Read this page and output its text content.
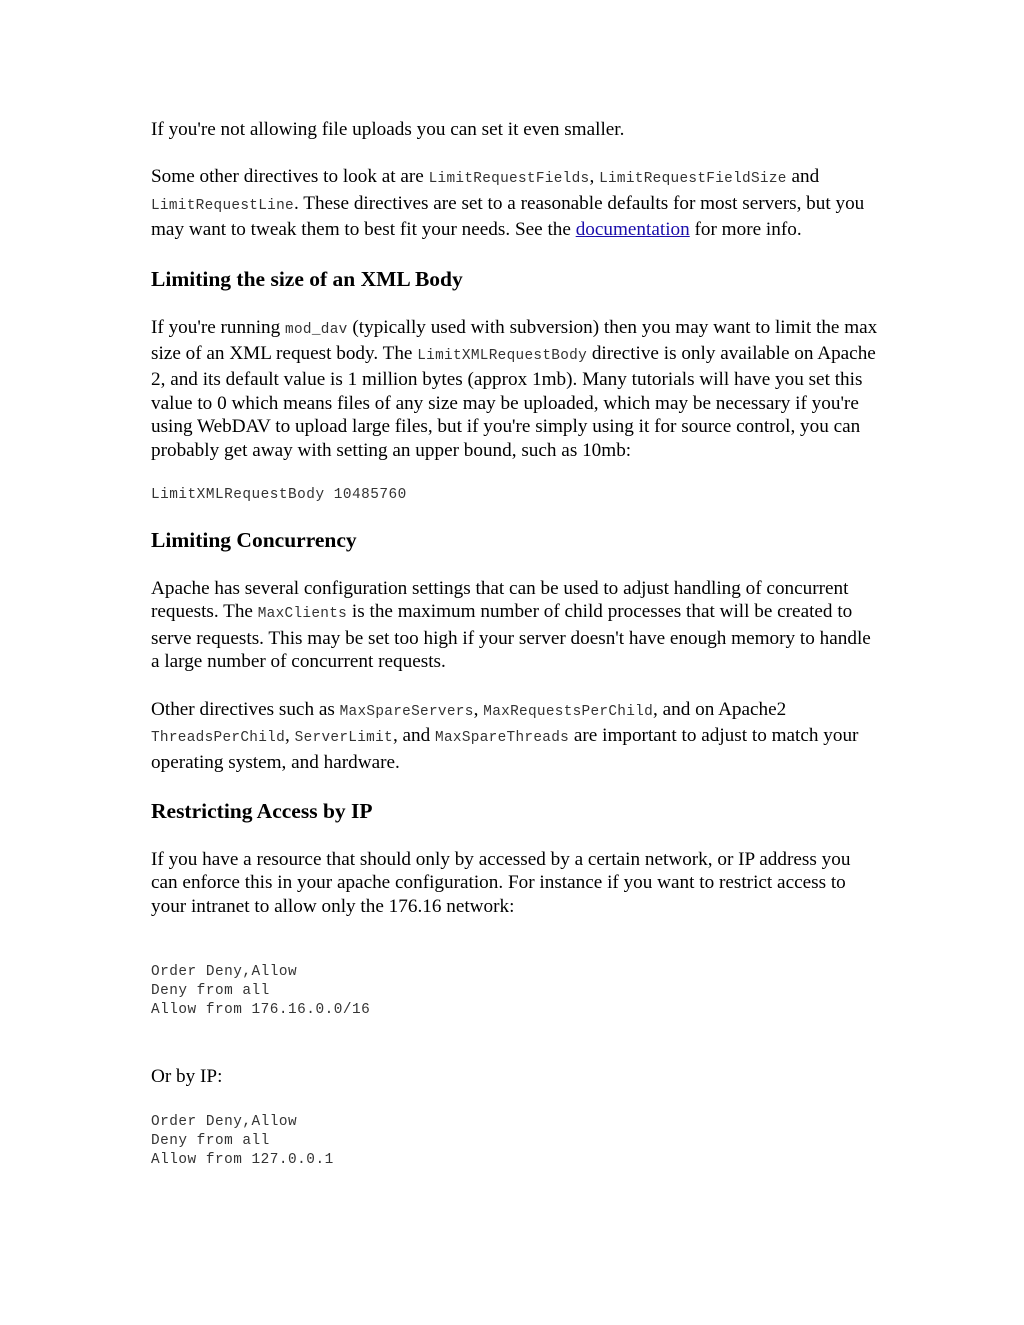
If you're not allowing file uploads you can set it even smaller.

Some other directives to look at are LimitRequestFields, LimitRequestFieldSize and LimitRequestLine. These directives are set to a reasonable defaults for most servers, but you may want to tweak them to best fit your needs. See the documentation for more info.

Limiting the size of an XML Body

If you're running mod_dav (typically used with subversion) then you may want to limit the max size of an XML request body. The LimitXMLRequestBody directive is only available on Apache 2, and its default value is 1 million bytes (approx 1mb). Many tutorials will have you set this value to 0 which means files of any size may be uploaded, which may be necessary if you're using WebDAV to upload large files, but if you're simply using it for source control, you can probably get away with setting an upper bound, such as 10mb:

LimitXMLRequestBody 10485760
Limiting Concurrency

Apache has several configuration settings that can be used to adjust handling of concurrent requests. The MaxClients is the maximum number of child processes that will be created to serve requests. This may be set too high if your server doesn't have enough memory to handle a large number of concurrent requests.

Other directives such as MaxSpareServers, MaxRequestsPerChild, and on Apache2 ThreadsPerChild, ServerLimit, and MaxSpareThreads are important to adjust to match your operating system, and hardware.

Restricting Access by IP

If you have a resource that should only by accessed by a certain network, or IP address you can enforce this in your apache configuration. For instance if you want to restrict access to your intranet to allow only the 176.16 network:

Order Deny,Allow
Deny from all
Allow from 176.16.0.0/16

Or by IP:

Order Deny,Allow
Deny from all
Allow from 127.0.0.1
